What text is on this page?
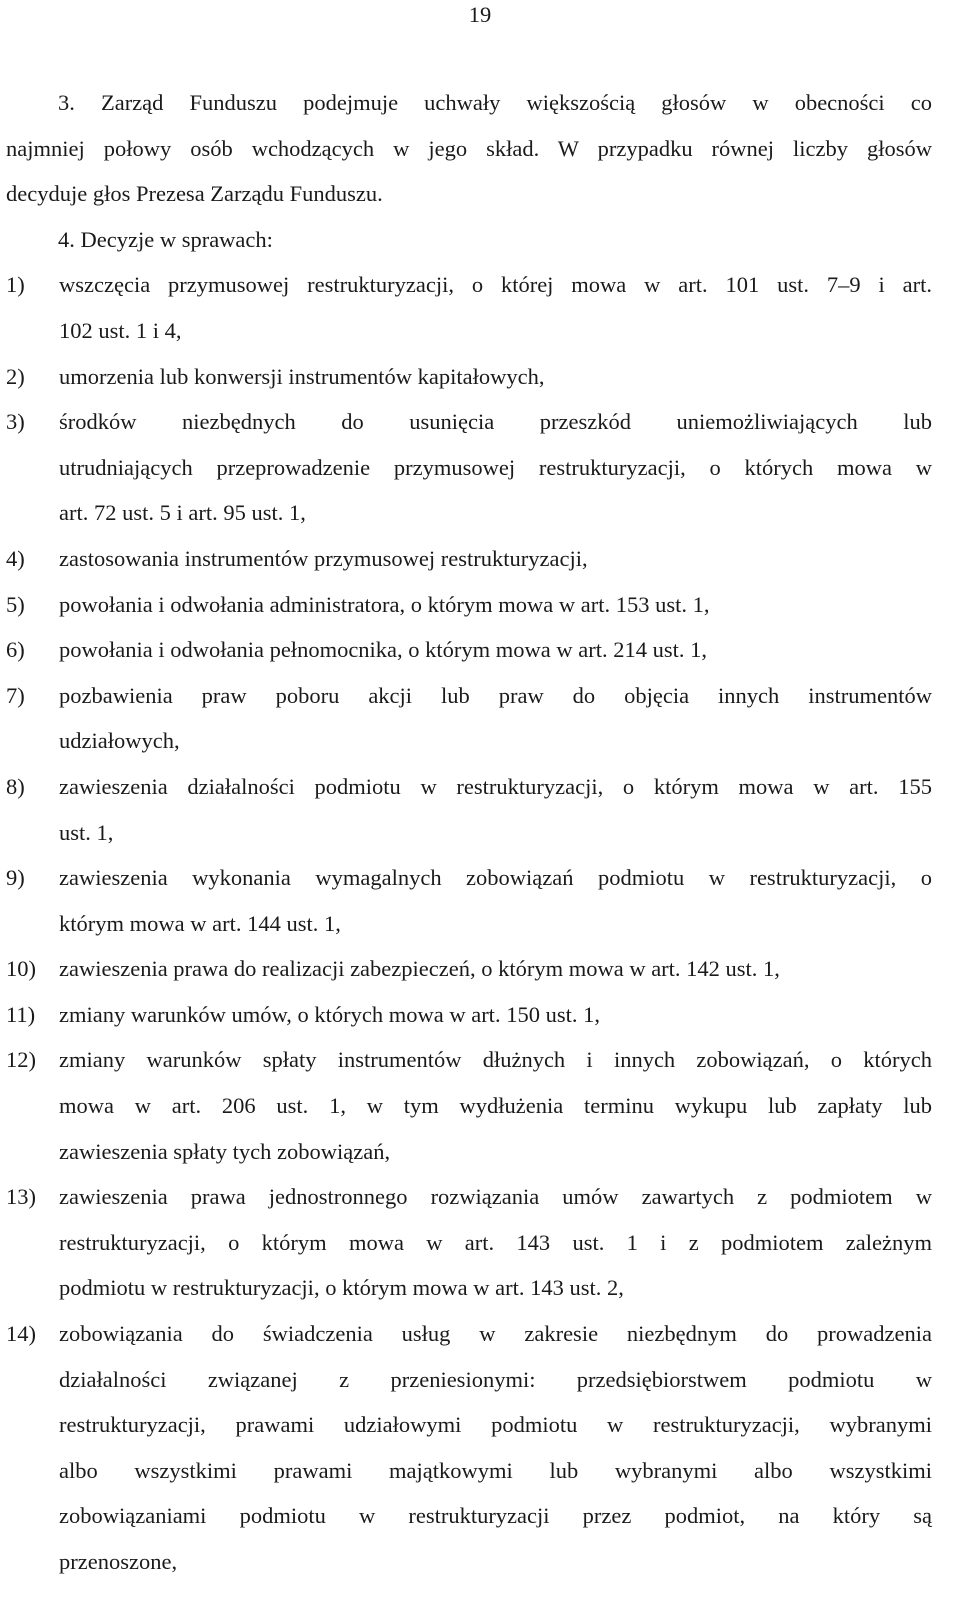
19
3. Zarząd Funduszu podejmuje uchwały większością głosów w obecności co
najmniej połowy osób wchodzących w jego skład. W przypadku równej liczby głosów
decyduje głos Prezesa Zarządu Funduszu.
4. Decyzje w sprawach:
1) wszczęcia przymusowej restrukturyzacji, o której mowa w art. 101 ust. 7–9 i art.
102 ust. 1 i 4,
2) umorzenia lub konwersji instrumentów kapitałowych,
3) środków niezbędnych do usunięcia przeszkód uniemożliwiających lub
utrudniających przeprowadzenie przymusowej restrukturyzacji, o których mowa w
art. 72 ust. 5 i art. 95 ust. 1,
4) zastosowania instrumentów przymusowej restrukturyzacji,
5) powołania i odwołania administratora, o którym mowa w art. 153 ust. 1,
6) powołania i odwołania pełnomocnika, o którym mowa w art. 214 ust. 1,
7) pozbawienia praw poboru akcji lub praw do objęcia innych instrumentów
udziałowych,
8) zawieszenia działalności podmiotu w restrukturyzacji, o którym mowa w art. 155
ust. 1,
9) zawieszenia wykonania wymagalnych zobowiązań podmiotu w restrukturyzacji, o
którym mowa w art. 144 ust. 1,
10) zawieszenia prawa do realizacji zabezpieczeń, o którym mowa w art. 142 ust. 1,
11) zmiany warunków umów, o których mowa w art. 150 ust. 1,
12) zmiany warunków spłaty instrumentów dłużnych i innych zobowiązań, o których
mowa w art. 206 ust. 1, w tym wydłużenia terminu wykupu lub zapłaty lub
zawieszenia spłaty tych zobowiązań,
13) zawieszenia prawa jednostronnego rozwiązania umów zawartych z podmiotem w
restrukturyzacji, o którym mowa w art. 143 ust. 1 i z podmiotem zależnym
podmiotu w restrukturyzacji, o którym mowa w art. 143 ust. 2,
14) zobowiązania do świadczenia usług w zakresie niezbędnym do prowadzenia
działalności związanej z przeniesionymi: przedsiębiorstwem podmiotu w
restrukturyzacji, prawami udziałowymi podmiotu w restrukturyzacji, wybranymi
albo wszystkimi prawami majątkowymi lub wybranymi albo wszystkimi
zobowiązaniami podmiotu w restrukturyzacji przez podmiot, na który są
przenoszone,
